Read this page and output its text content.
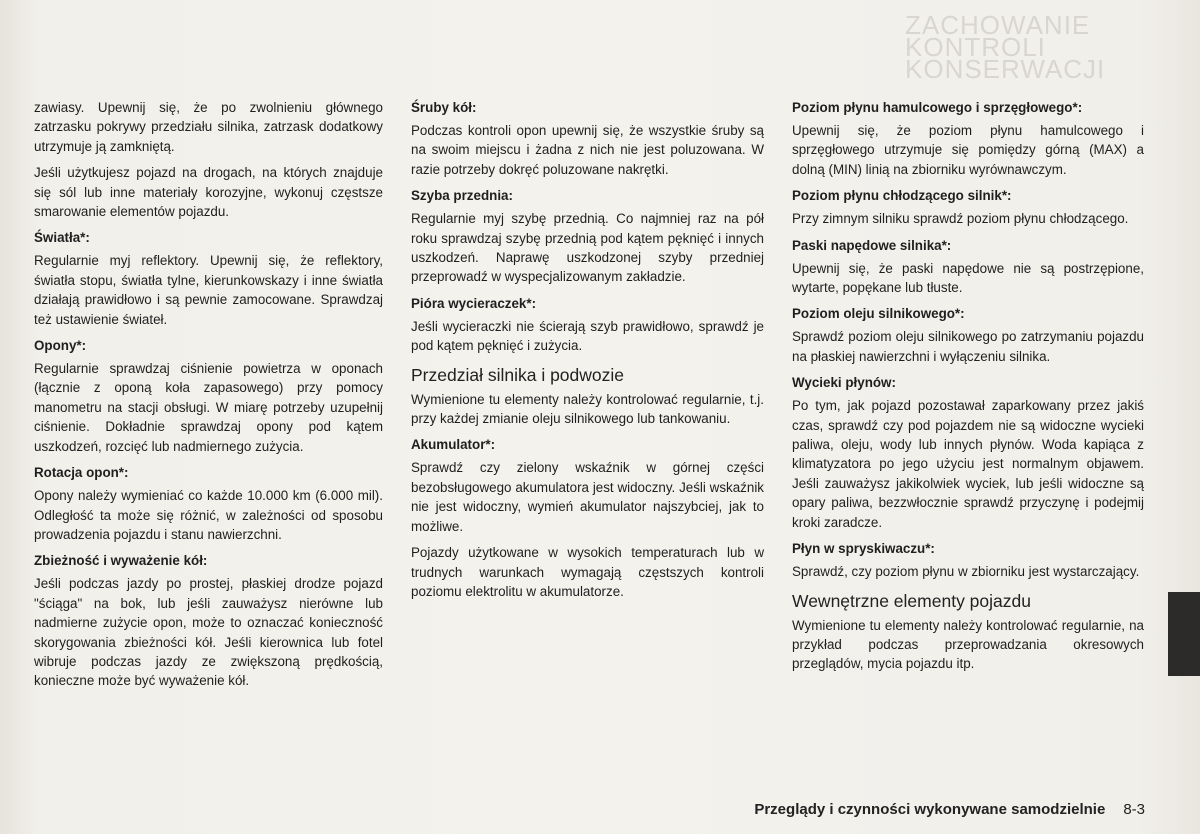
ZACHOWANIE KONTROLI
KONSERWACJI

zawiasy. Upewnij się, że po zwolnieniu głównego zatrzasku pokrywy przedziału silnika, zatrzask dodatkowy utrzymuje ją zamkniętą.

Jeśli użytkujesz pojazd na drogach, na których znajduje się sól lub inne materiały korozyjne, wykonuj częstsze smarowanie elementów pojazdu.

Światła*:

Regularnie myj reflektory. Upewnij się, że reflektory, światła stopu, światła tylne, kierunkowskazy i inne światła działają prawidłowo i są pewnie zamocowane. Sprawdzaj też ustawienie świateł.

Opony*:

Regularnie sprawdzaj ciśnienie powietrza w oponach (łącznie z oponą koła zapasowego) przy pomocy manometru na stacji obsługi. W miarę potrzeby uzupełnij ciśnienie. Dokładnie sprawdzaj opony pod kątem uszkodzeń, rozcięć lub nadmiernego zużycia.

Rotacja opon*:

Opony należy wymieniać co każde 10.000 km (6.000 mil). Odległość ta może się różnić, w zależności od sposobu prowadzenia pojazdu i stanu nawierzchni.

Zbieżność i wyważenie kół:

Jeśli podczas jazdy po prostej, płaskiej drodze pojazd "ściąga" na bok, lub jeśli zauważysz nierówne lub nadmierne zużycie opon, może to oznaczać konieczność skorygowania zbieżności kół. Jeśli kierownica lub fotel wibruje podczas jazdy ze zwiększoną prędkością, konieczne może być wyważenie kół.

Śruby kół:

Podczas kontroli opon upewnij się, że wszystkie śruby są na swoim miejscu i żadna z nich nie jest poluzowana. W razie potrzeby dokręć poluzowane nakrętki.

Szyba przednia:

Regularnie myj szybę przednią. Co najmniej raz na pół roku sprawdzaj szybę przednią pod kątem pęknięć i innych uszkodzeń. Naprawę uszkodzonej szyby przedniej przeprowadź w wyspecjalizowanym zakładzie.

Pióra wycieraczek*:

Jeśli wycieraczki nie ścierają szyb prawidłowo, sprawdź je pod kątem pęknięć i zużycia.

Przedział silnika i podwozie

Wymienione tu elementy należy kontrolować regularnie, t.j. przy każdej zmianie oleju silnikowego lub tankowaniu.

Akumulator*:

Sprawdź czy zielony wskaźnik w górnej części bezobsługowego akumulatora jest widoczny. Jeśli wskaźnik nie jest widoczny, wymień akumulator najszybciej, jak to możliwe.

Pojazdy użytkowane w wysokich temperaturach lub w trudnych warunkach wymagają częstszych kontroli poziomu elektrolitu w akumulatorze.

Poziom płynu hamulcowego i sprzęgłowego*:

Upewnij się, że poziom płynu hamulcowego i sprzęgłowego utrzymuje się pomiędzy górną (MAX) a dolną (MIN) linią na zbiorniku wyrównawczym.

Poziom płynu chłodzącego silnik*:

Przy zimnym silniku sprawdź poziom płynu chłodzącego.

Paski napędowe silnika*:

Upewnij się, że paski napędowe nie są postrzępione, wytarte, popękane lub tłuste.

Poziom oleju silnikowego*:

Sprawdź poziom oleju silnikowego po zatrzymaniu pojazdu na płaskiej nawierzchni i wyłączeniu silnika.

Wycieki płynów:

Po tym, jak pojazd pozostawał zaparkowany przez jakiś czas, sprawdź czy pod pojazdem nie są widoczne wycieki paliwa, oleju, wody lub innych płynów. Woda kapiąca z klimatyzatora po jego użyciu jest normalnym objawem. Jeśli zauważysz jakikolwiek wyciek, lub jeśli widoczne są opary paliwa, bezzwłocznie sprawdź przyczynę i podejmij kroki zaradcze.

Płyn w spryskiwaczu*:

Sprawdź, czy poziom płynu w zbiorniku jest wystarczający.

Wewnętrzne elementy pojazdu

Wymienione tu elementy należy kontrolować regularnie, na przykład podczas przeprowadzania okresowych przeglądów, mycia pojazdu itp.

Przeglądy i czynności wykonywane samodzielnie 8-3
